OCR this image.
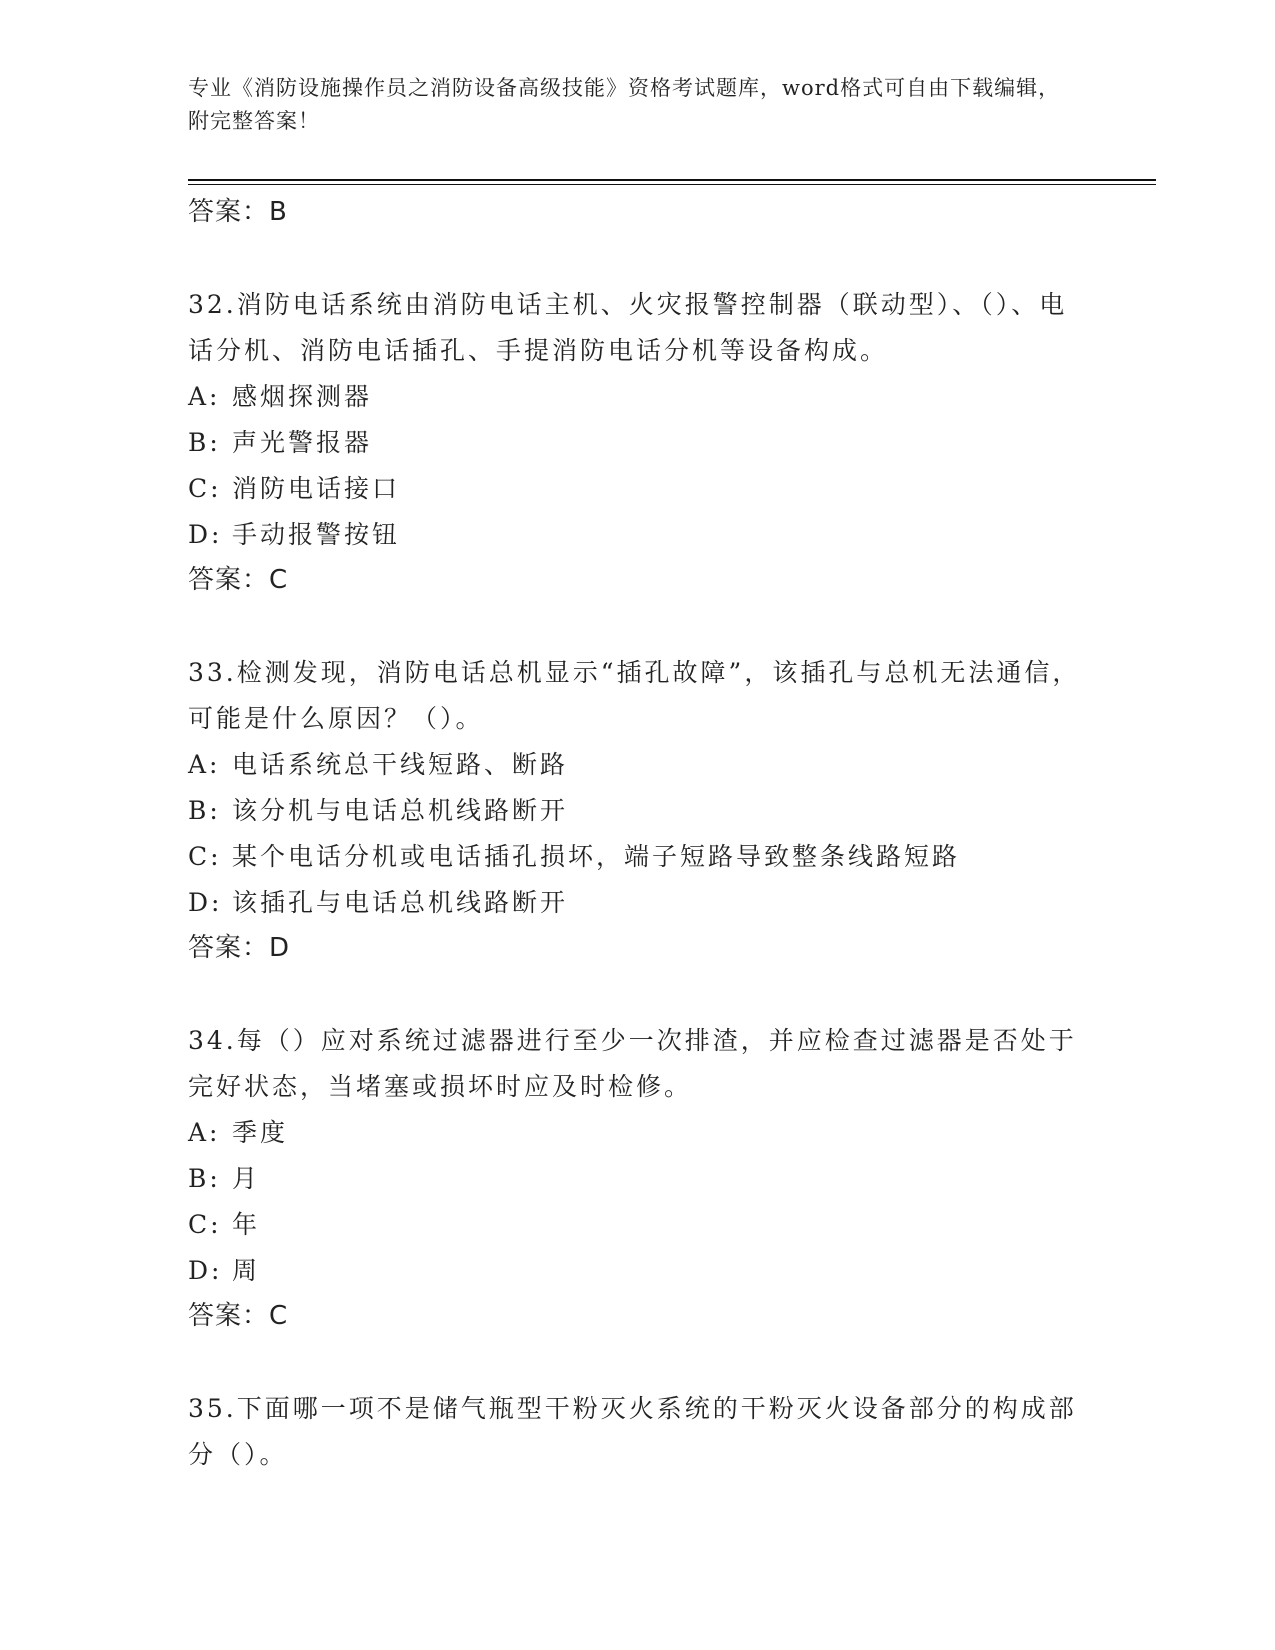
专业《消防设施操作员之消防设备高级技能》资格考试题库，word格式可自由下载编辑，附完整答案！
答案：B
32.消防电话系统由消防电话主机、火灾报警控制器（联动型）、（）、电话分机、消防电话插孔、手提消防电话分机等设备构成。
A: 感烟探测器
B: 声光警报器
C: 消防电话接口
D: 手动报警按钮
答案：C
33.检测发现，消防电话总机显示“插孔故障”，该插孔与总机无法通信，可能是什么原因？（）。
A: 电话系统总干线短路、断路
B: 该分机与电话总机线路断开
C: 某个电话分机或电话插孔损坏，端子短路导致整条线路短路
D: 该插孔与电话总机线路断开
答案：D
34.每（）应对系统过滤器进行至少一次排渣，并应检查过滤器是否处于完好状态，当堵塞或损坏时应及时检修。
A: 季度
B: 月
C: 年
D: 周
答案：C
35.下面哪一项不是储气瓶型干粉灭火系统的干粉灭火设备部分的构成部分（）。
